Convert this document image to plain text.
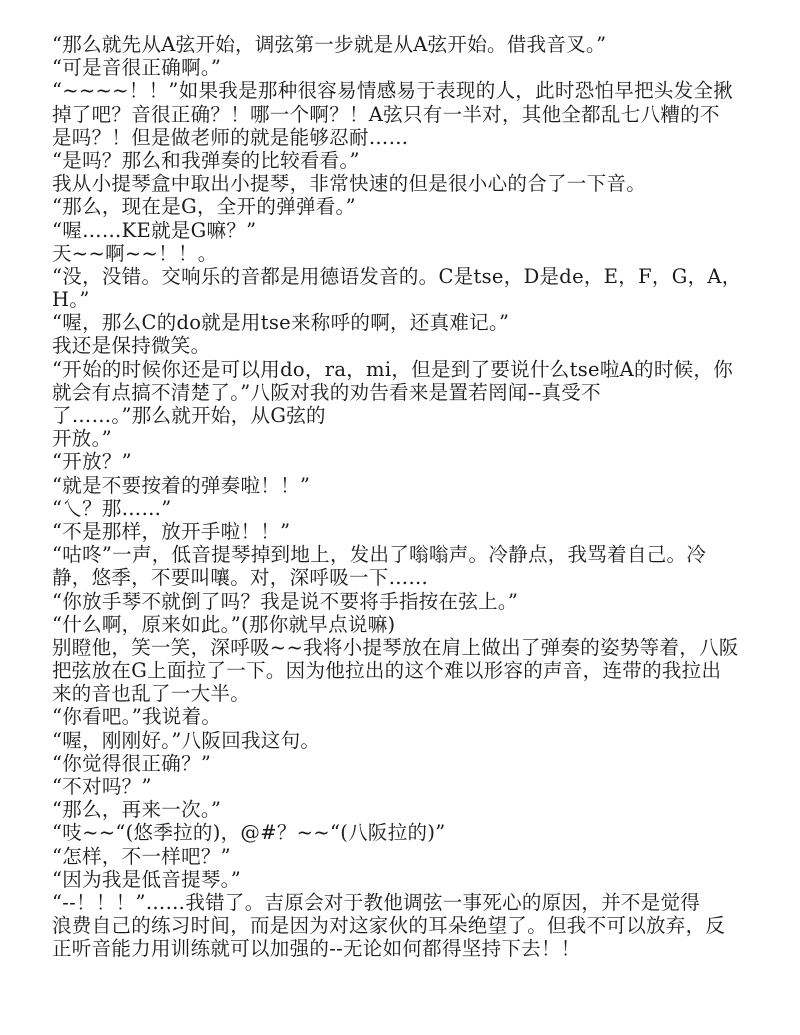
“那么就先从A弦开始，调弦第一步就是从A弦开始。借我音叉。”
“可是音很正确啊。”
“~~~~！！”如果我是那种很容易情感易于表现的人，此时恐怕早把头发全揪
掉了吧？音很正确？！哪一个啊？！A弦只有一半对，其他全都乱七八糟的不
是吗？！但是做老师的就是能够忍耐……
“是吗？那么和我弹奏的比较看看。”
我从小提琴盒中取出小提琴，非常快速的但是很小心的合了一下音。
“那么，现在是G，全开的弹弹看。”
“喔……KE就是G嘛？”
天~~啊~~！！。
“没，没错。交响乐的音都是用德语发音的。C是tse，D是de，E，F，G，A，
H。”
“喔，那么C的do就是用tse来称呼的啊，还真难记。”
我还是保持微笑。
“开始的时候你还是可以用do，ra，mi，但是到了要说什么tse啦A的时候，你
就会有点搞不清楚了。”八阪对我的劝告看来是置若罔闻--真受不
了……。”那么就开始，从G弦的
开放。”
“开放？”
“就是不要按着的弹奏啦！！”
“乀？那……”
“不是那样，放开手啦！！”
“咕咚”一声，低音提琴掉到地上，发出了嗡嗡声。冷静点，我骂着自己。冷
静，悠季，不要叫嚷。对，深呼吸一下……
“你放手琴不就倒了吗？我是说不要将手指按在弦上。”
“什么啊，原来如此。”(那你就早点说嘛)
别瞪他，笑一笑，深呼吸~~我将小提琴放在肩上做出了弹奏的姿势等着，八阪
把弦放在G上面拉了一下。因为他拉出的这个难以形容的声音，连带的我拉出
来的音也乱了一大半。
“你看吧。”我说着。
“喔，刚刚好。”八阪回我这句。
“你觉得很正确？”
“不对吗？”
“那么，再来一次。”
“吱~~“(悠季拉的)，@#？~~“(八阪拉的)”
“怎样，不一样吧？”
“因为我是低音提琴。”
“--！！！”……我错了。吉原会对于教他调弦一事死心的原因，并不是觉得
浪费自己的练习时间，而是因为对这家伙的耳朵绝望了。但我不可以放弃，反
正听音能力用训练就可以加强的--无论如何都得坚持下去！！
